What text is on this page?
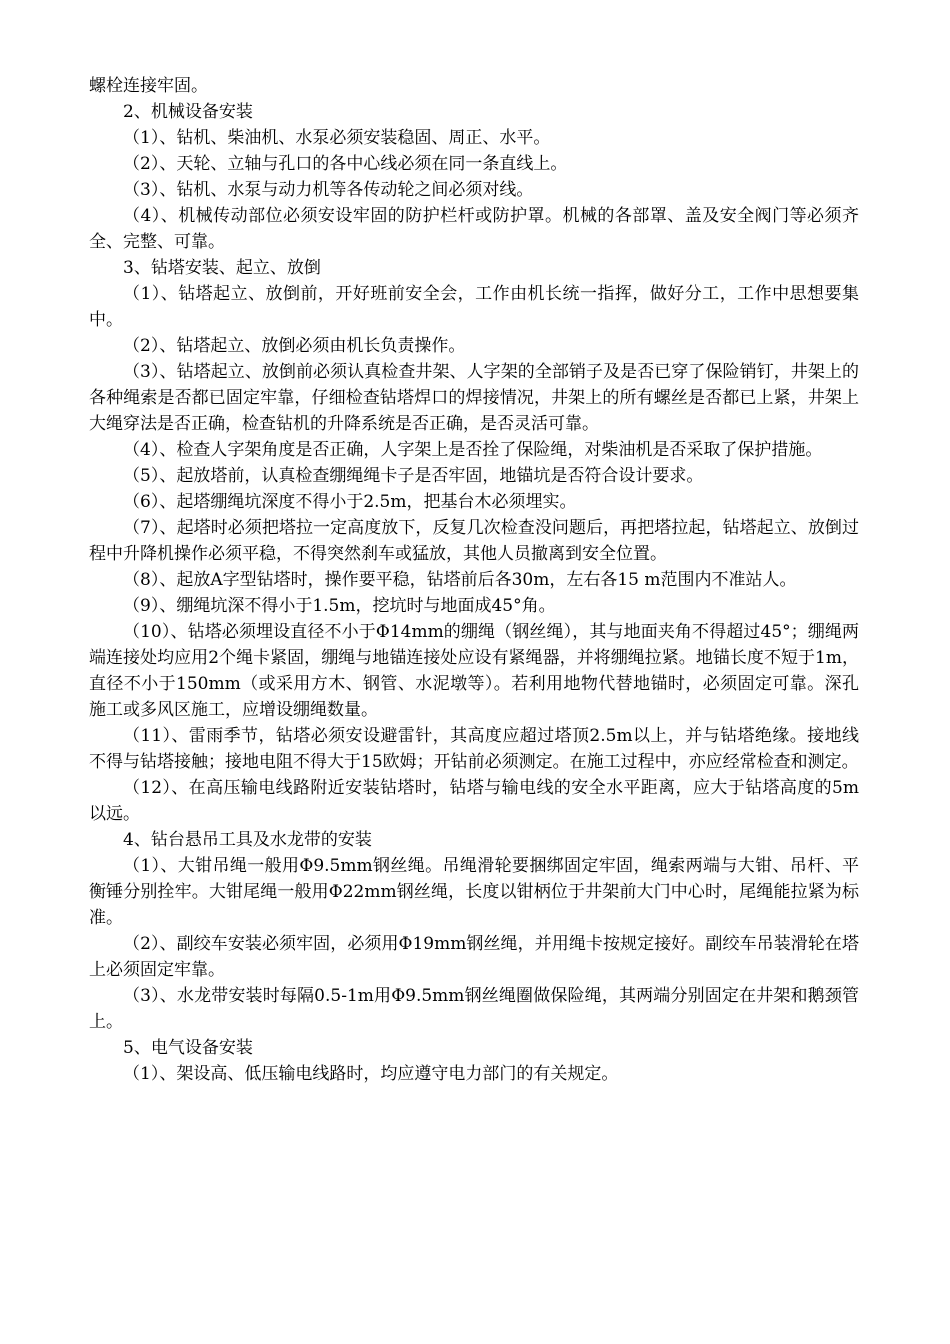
螺栓连接牢固。

2、机械设备安装

（1）、钻机、柴油机、水泵必须安装稳固、周正、水平。

（2）、天轮、立轴与孔口的各中心线必须在同一条直线上。

（3）、钻机、水泵与动力机等各传动轮之间必须对线。

（4）、机械传动部位必须安设牢固的防护栏杆或防护罩。机械的各部罩、盖及安全阀门等必须齐全、完整、可靠。

3、钻塔安装、起立、放倒

（1）、钻塔起立、放倒前，开好班前安全会，工作由机长统一指挥，做好分工，工作中思想要集中。

（2）、钻塔起立、放倒必须由机长负责操作。

（3）、钻塔起立、放倒前必须认真检查井架、人字架的全部销子及是否已穿了保险销钉，井架上的各种绳索是否都已固定牢靠，仔细检查钻塔焊口的焊接情况，井架上的所有螺丝是否都已上紧，井架上大绳穿法是否正确，检查钻机的升降系统是否正确，是否灵活可靠。

（4）、检查人字架角度是否正确，人字架上是否拴了保险绳，对柴油机是否采取了保护措施。

（5）、起放塔前，认真检查绷绳绳卡子是否牢固，地锚坑是否符合设计要求。

（6）、起塔绷绳坑深度不得小于2.5m，把基台木必须埋实。

（7）、起塔时必须把塔拉一定高度放下，反复几次检查没问题后，再把塔拉起，钻塔起立、放倒过程中升降机操作必须平稳，不得突然刹车或猛放，其他人员撤离到安全位置。

（8）、起放A字型钻塔时，操作要平稳，钻塔前后各30m，左右各15 m范围内不准站人。

（9）、绷绳坑深不得小于1.5m，挖坑时与地面成45°角。

（10）、钻塔必须埋设直径不小于Φ14mm的绷绳（钢丝绳），其与地面夹角不得超过45°；绷绳两端连接处均应用2个绳卡紧固，绷绳与地锚连接处应设有紧绳器，并将绷绳拉紧。地锚长度不短于1m，直径不小于150mm（或采用方木、钢管、水泥墩等）。若利用地物代替地锚时，必须固定可靠。深孔施工或多风区施工，应增设绷绳数量。

（11）、雷雨季节，钻塔必须安设避雷针，其高度应超过塔顶2.5m以上，并与钻塔绝缘。接地线不得与钻塔接触；接地电阻不得大于15欧姆；开钻前必须测定。在施工过程中，亦应经常检查和测定。

（12）、在高压输电线路附近安装钻塔时，钻塔与输电线的安全水平距离，应大于钻塔高度的5m以远。

4、钻台悬吊工具及水龙带的安装

（1）、大钳吊绳一般用Φ9.5mm钢丝绳。吊绳滑轮要捆绑固定牢固，绳索两端与大钳、吊杆、平衡锤分别拴牢。大钳尾绳一般用Φ22mm钢丝绳，长度以钳柄位于井架前大门中心时，尾绳能拉紧为标准。

（2）、副绞车安装必须牢固，必须用Φ19mm钢丝绳，并用绳卡按规定接好。副绞车吊装滑轮在塔上必须固定牢靠。

（3）、水龙带安装时每隔0.5-1m用Φ9.5mm钢丝绳圈做保险绳，其两端分别固定在井架和鹅颈管上。

5、电气设备安装

（1）、架设高、低压输电线路时，均应遵守电力部门的有关规定。
